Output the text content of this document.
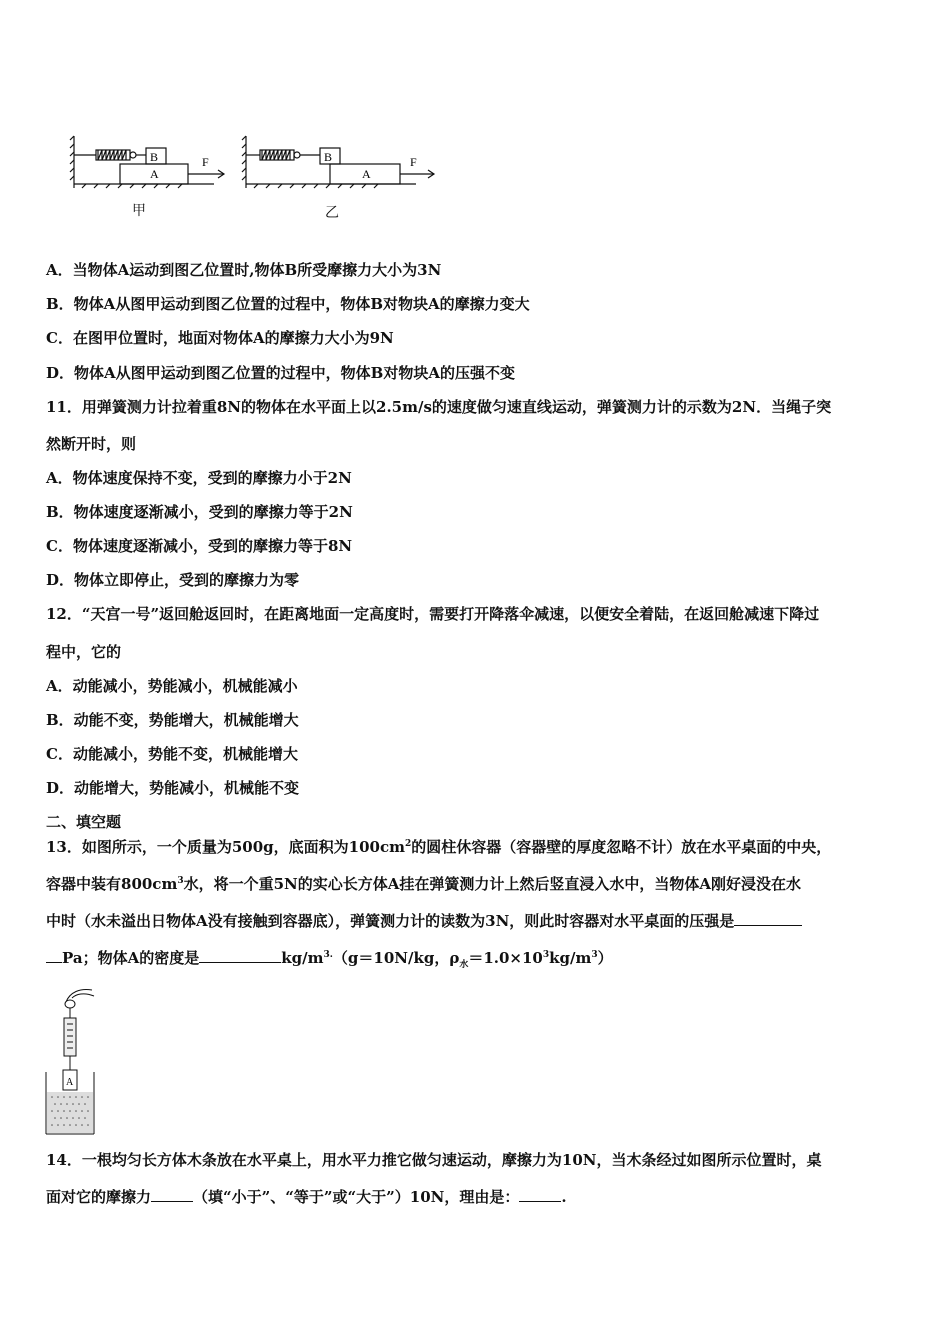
B
A
F	B
A
F
甲	乙
A．当物体A运动到图乙位置时,物体B所受摩擦力大小为3N
B．物体A从图甲运动到图乙位置的过程中，物体B对物块A的摩擦力变大
C．在图甲位置时，地面对物体A的摩擦力大小为9N
D．物体A从图甲运动到图乙位置的过程中，物体B对物块A的压强不变
11．用弹簧测力计拉着重8N的物体在水平面上以2.5m/s的速度做匀速直线运动，弹簧测力计的示数为2N．当绳子突
然断开时，则
A．物体速度保持不变，受到的摩擦力小于2N
B．物体速度逐渐减小，受到的摩擦力等于2N
C．物体速度逐渐减小，受到的摩擦力等于8N
D．物体立即停止，受到的摩擦力为零
12．“天宫一号”返回舱返回时，在距离地面一定高度时，需要打开降落伞减速，以便安全着陆，在返回舱减速下降过
程中，它的
A．动能减小，势能减小，机械能减小
B．动能不变，势能增大，机械能增大
C．动能减小，势能不变，机械能增大
D．动能增大，势能减小，机械能不变
二、填空题
13．如图所示，一个质量为500g，底面积为$100cm^2$的圆柱休容器（容器壁的厚度忽略不计）放在水平桌面的中央，
容器中装有$800cm^3$水，将一个重5N的实心长方体A挂在弹簧测力计上然后竖直浸入水中，当物体A刚好浸没在水
中时（水未溢出日物体A没有接触到容器底），弹簧测力计的读数为3N，则此时容器对水平桌面的压强是
Pa；物体A的密度是	$kg/m^{3.}(g=10N/kg$，$\rho_水=1.0\times 10^3kg/m^3$）
A
14．一根均匀长方体木条放在水平桌上，用水平力推它做匀速运动，摩擦力为10N，当木条经过如图所示位置时，桌
面对它的摩擦力	（填“小于”、“等于”或“大于”）10N，理由是：	.
